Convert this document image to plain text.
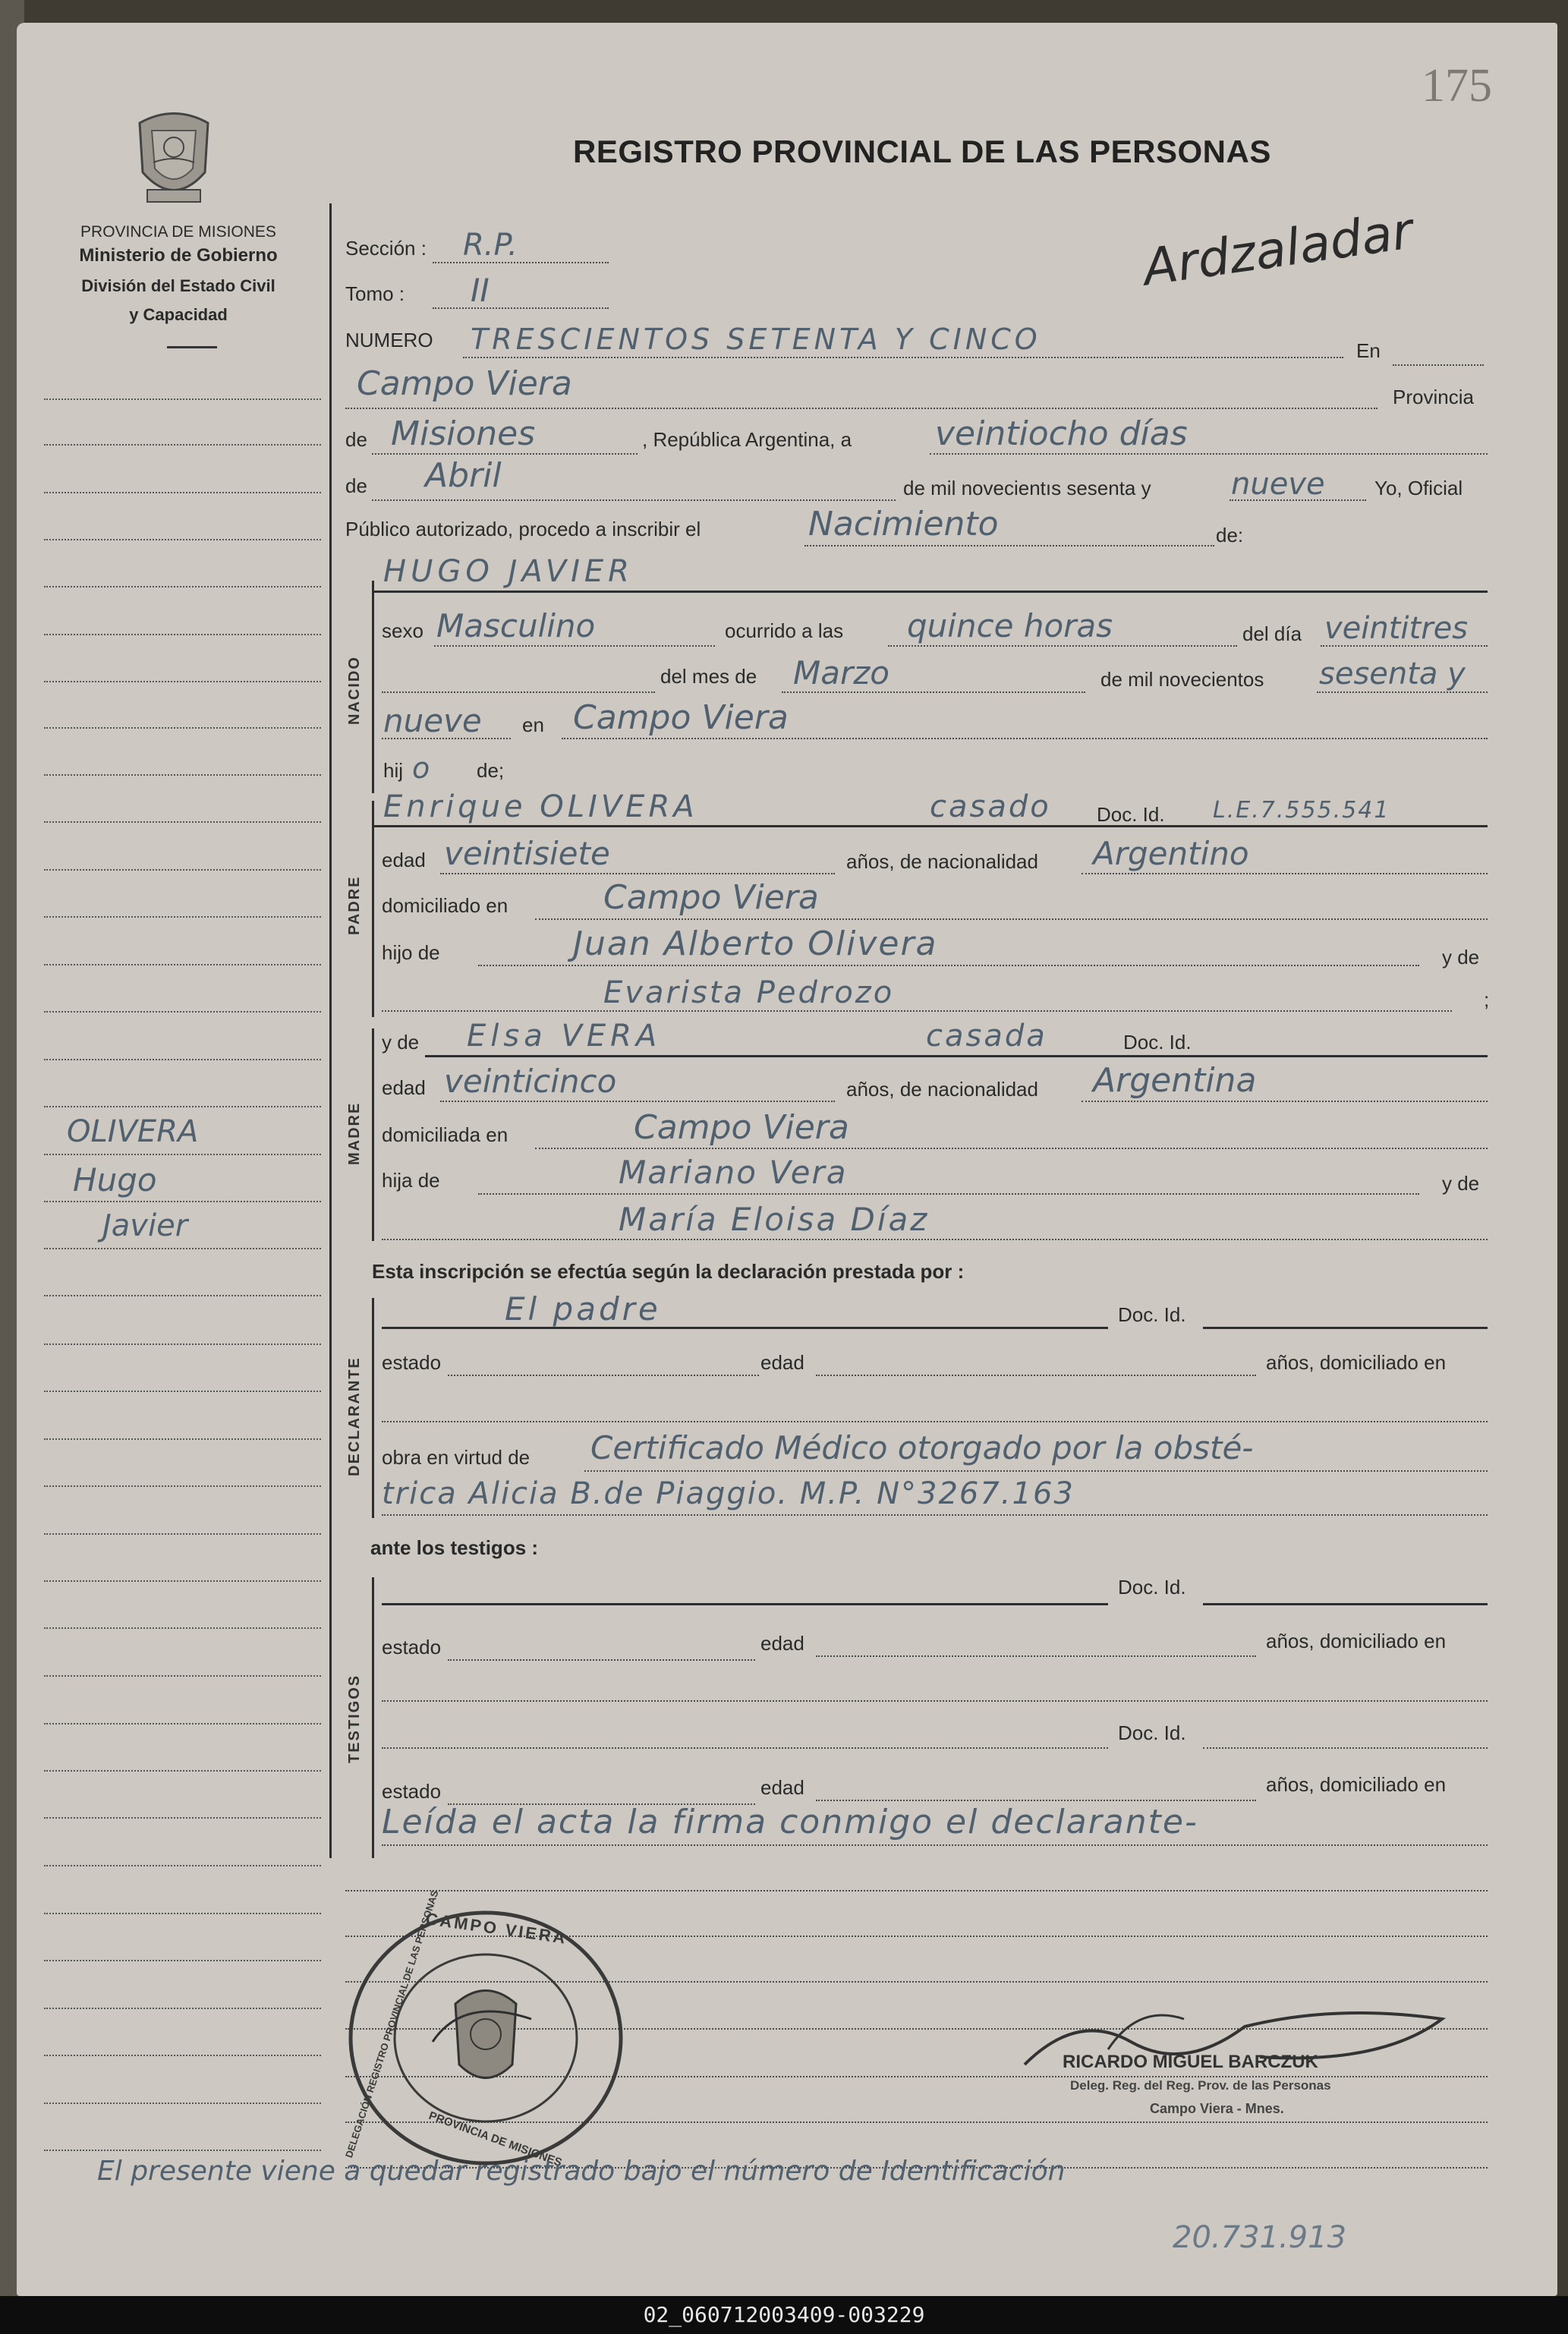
175
REGISTRO PROVINCIAL DE LAS PERSONAS
PROVINCIA DE MISIONES
Ministerio de Gobierno
División del Estado Civil
y Capacidad
OLIVERA
Hugo
Javier
Sección : R.P.
Tomo : II	Ardzaladar
NUMERO TRESCIENTOS SETENTA Y CINCO	En
Campo Viera	Provincia
de Misiones	, República Argentina, a veintiocho días
de Abril	de mil novecientıs sesenta y	nueve	Yo, Oficial
Público autorizado, procedo a inscribir el	Nacimiento	de:
NACIDO
HUGO JAVIER
sexo Masculino	ocurrido a las quince horas	del día veintitres
del mes de Marzo	de mil novecientos sesenta y
nueve en Campo Viera
hij o de;
PADRE
Enrique OLIVERA	casado Doc. Id. L.E.7.555.541
edad veintisiete	años, de nacionalidad Argentino
domiciliado en	Campo Viera
hijo de	Juan Alberto Olivera	y de
Evarista Pedrozo	;
MADRE
y de Elsa VERA	casada	Doc. Id.
edad veinticinco	años, de nacionalidad Argentina
domiciliada en	Campo Viera
hija de	Mariano Vera	y de
María Eloisa Díaz
Esta inscripción se efectúa según la declaración prestada por :
DECLARANTE
El padre	Doc. Id.
estado	edad	años, domiciliado en
obra en virtud de Certificado Médico otorgado por la obsté-
trica Alicia B.de Piaggio. M.P. N°3267.163
ante los testigos :
TESTIGOS
Doc. Id.
estado	edad	años, domiciliado en
Doc. Id.
estado	edad	años, domiciliado en
Leída el acta la firma conmigo el declarante-
CAMPO VIERA
PROVINCIA DE MISIONES
DELEGACIÓN REGISTRO PROVINCIAL DE LAS PERSONAS	RICARDO MIGUEL BARCZUK
Deleg. Reg. del Reg. Prov. de las Personas
Campo Viera - Mnes.
El presente viene a quedar registrado bajo el número de Identificación
20.731.913
02_060712003409-003229
